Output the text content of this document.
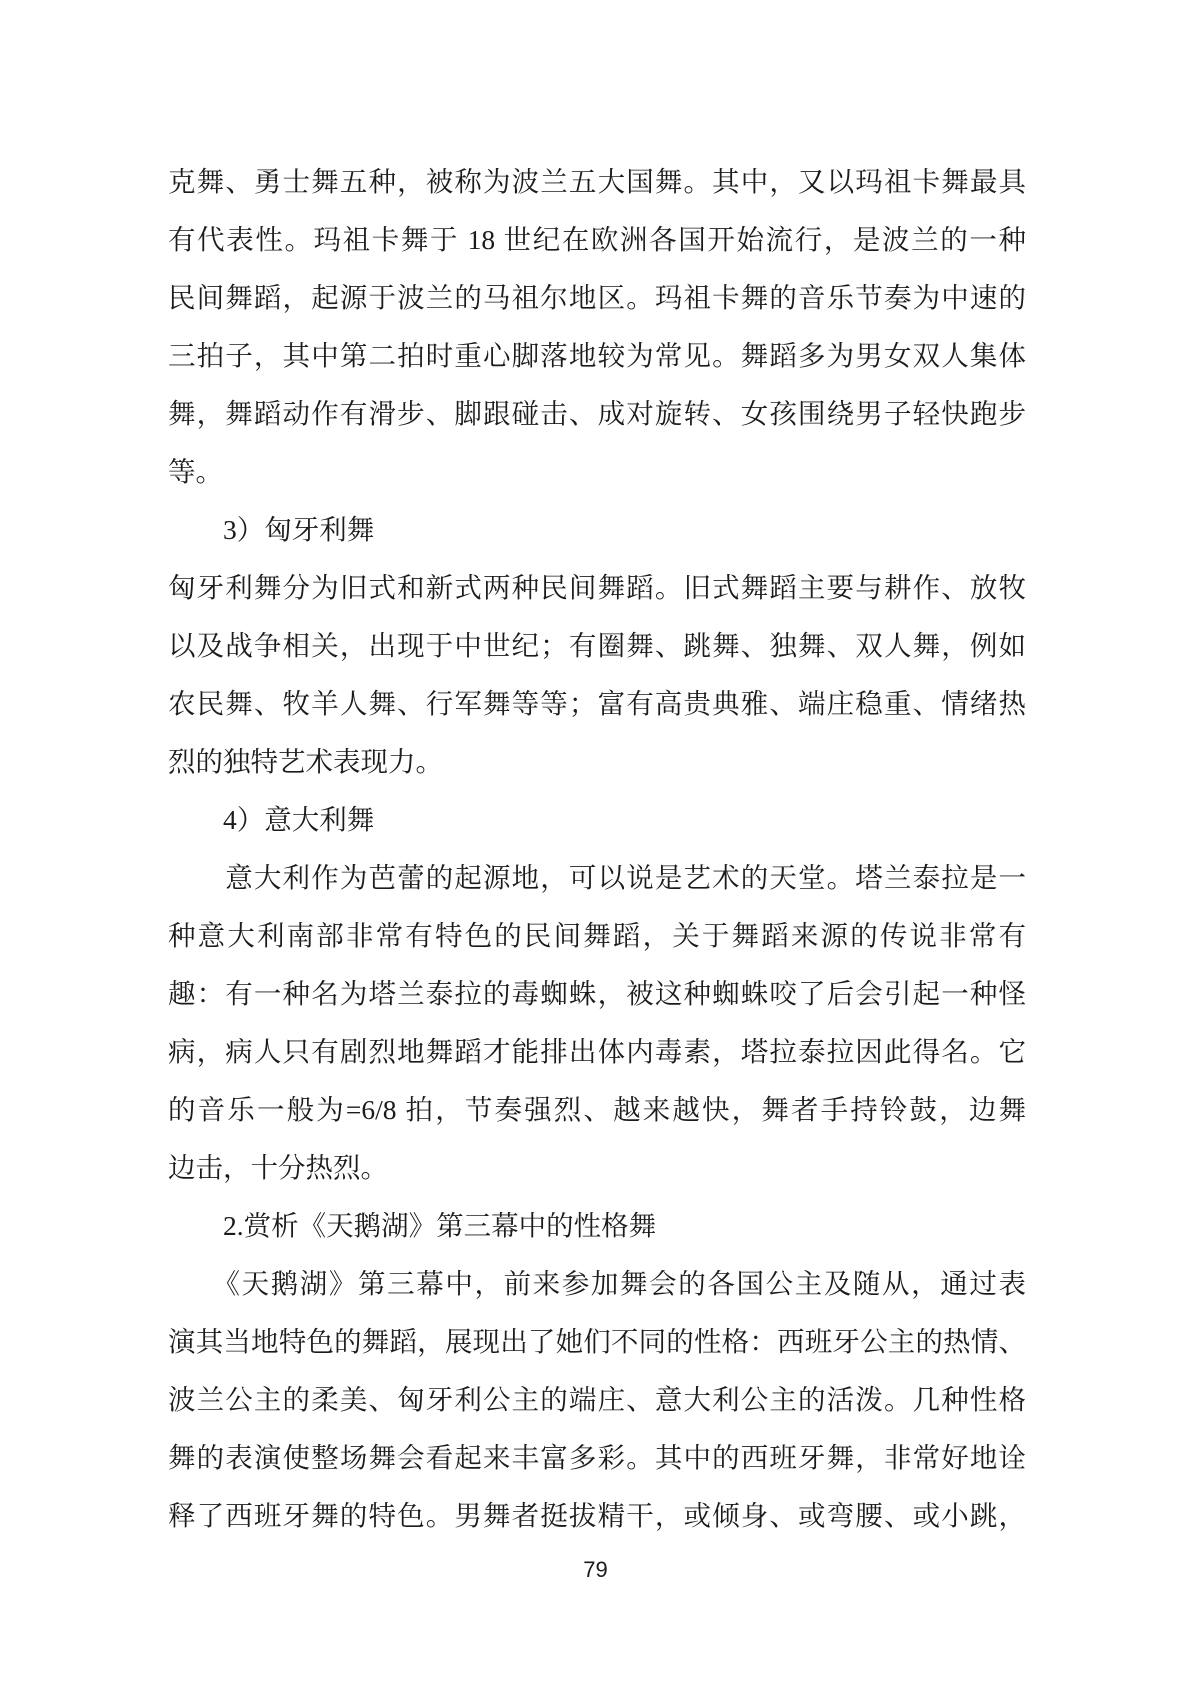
克舞、勇士舞五种，被称为波兰五大国舞。其中，又以玛祖卡舞最具
有代表性。玛祖卡舞于 18 世纪在欧洲各国开始流行，是波兰的一种
民间舞蹈，起源于波兰的马祖尔地区。玛祖卡舞的音乐节奏为中速的
三拍子，其中第二拍时重心脚落地较为常见。舞蹈多为男女双人集体
舞，舞蹈动作有滑步、脚跟碰击、成对旋转、女孩围绕男子轻快跑步
等。
　　3）匈牙利舞
匈牙利舞分为旧式和新式两种民间舞蹈。旧式舞蹈主要与耕作、放牧
以及战争相关，出现于中世纪；有圈舞、跳舞、独舞、双人舞，例如
农民舞、牧羊人舞、行军舞等等；富有高贵典雅、端庄稳重、情绪热
烈的独特艺术表现力。
　　4）意大利舞
　　意大利作为芭蕾的起源地，可以说是艺术的天堂。塔兰泰拉是一
种意大利南部非常有特色的民间舞蹈，关于舞蹈来源的传说非常有
趣：有一种名为塔兰泰拉的毒蜘蛛，被这种蜘蛛咬了后会引起一种怪
病，病人只有剧烈地舞蹈才能排出体内毒素，塔拉泰拉因此得名。它
的音乐一般为=6/8 拍，节奏强烈、越来越快，舞者手持铃鼓，边舞
边击，十分热烈。
　　2.赏析《天鹅湖》第三幕中的性格舞
　　《天鹅湖》第三幕中，前来参加舞会的各国公主及随从，通过表
演其当地特色的舞蹈，展现出了她们不同的性格：西班牙公主的热情、
波兰公主的柔美、匈牙利公主的端庄、意大利公主的活泼。几种性格
舞的表演使整场舞会看起来丰富多彩。其中的西班牙舞，非常好地诠
释了西班牙舞的特色。男舞者挺拔精干，或倾身、或弯腰、或小跳，
79
